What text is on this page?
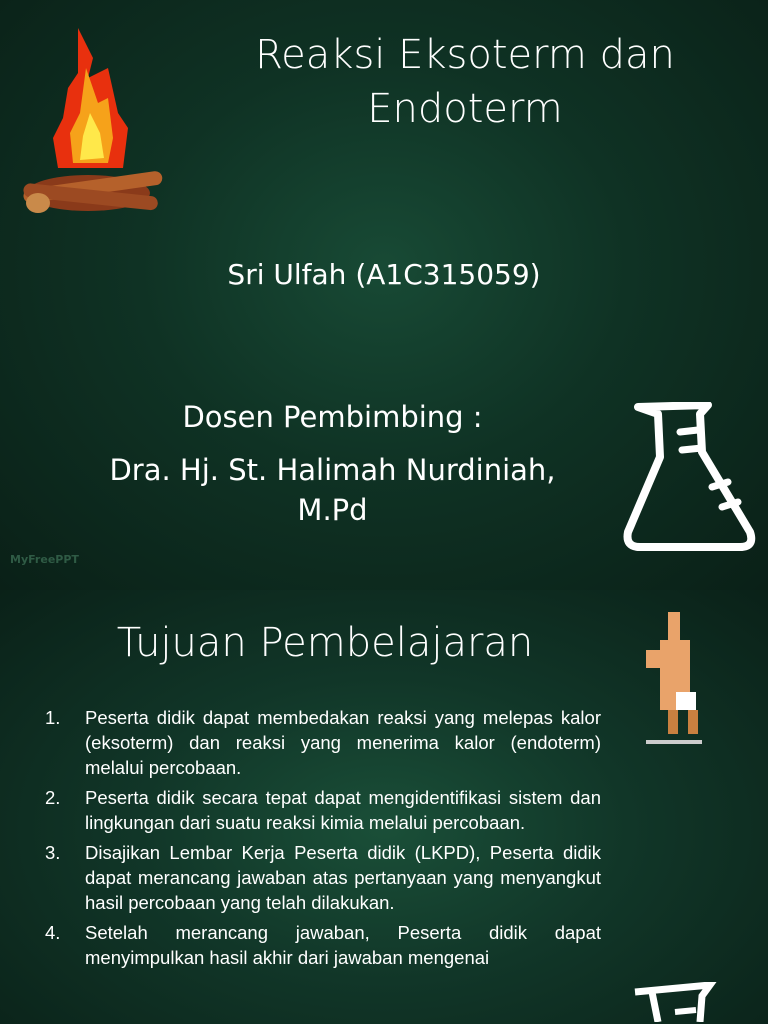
Reaksi Eksoterm dan Endoterm
Sri Ulfah (A1C315059)
Dosen Pembimbing :
Dra. Hj. St. Halimah Nurdiniah, M.Pd
MyFreePPT
Tujuan Pembelajaran
1.	Peserta didik dapat membedakan reaksi yang melepas kalor (eksoterm) dan reaksi yang menerima kalor (endoterm) melalui percobaan.
2.	Peserta didik secara tepat dapat mengidentifikasi sistem dan lingkungan dari suatu reaksi kimia melalui percobaan.
3.	Disajikan Lembar Kerja Peserta didik (LKPD), Peserta didik dapat merancang jawaban atas pertanyaan yang menyangkut hasil percobaan yang telah dilakukan.
4.	Setelah merancang jawaban, Peserta didik dapat menyimpulkan hasil akhir dari jawaban mengenai
